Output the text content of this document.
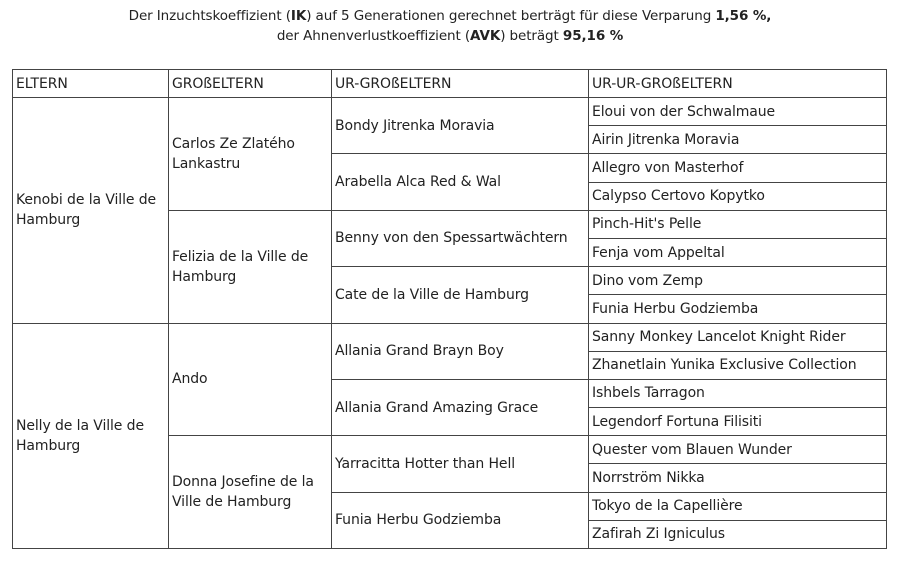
Der Inzuchtskoeffizient (IK) auf 5 Generationen gerechnet berträgt für diese Verparung 1,56 %,
der Ahnenverlustkoeffizient (AVK) beträgt 95,16 %
ELTERN	GROßELTERN	UR-GROßELTERN	UR-UR-GROßELTERN
Kenobi de la Ville de Hamburg	Carlos Ze Zlatého Lankastru	Bondy Jitrenka Moravia	Eloui von der Schwalmaue
			Airin Jitrenka Moravia
		Arabella Alca Red & Wal	Allegro von Masterhof
			Calypso Certovo Kopytko
	Felizia de la Ville de Hamburg	Benny von den Spessartwächtern	Pinch-Hit's Pelle
			Fenja vom Appeltal
		Cate de la Ville de Hamburg	Dino vom Zemp
			Funia Herbu Godziemba
Nelly de la Ville de Hamburg	Ando	Allania Grand Brayn Boy	Sanny Monkey Lancelot Knight Rider
			Zhanetlain Yunika Exclusive Collection
		Allania Grand Amazing Grace	Ishbels Tarragon
			Legendorf Fortuna Filisiti
	Donna Josefine de la Ville de Hamburg	Yarracitta Hotter than Hell	Quester vom Blauen Wunder
			Norrström Nikka
		Funia Herbu Godziemba	Tokyo de la Capellière
			Zafirah Zi Igniculus
